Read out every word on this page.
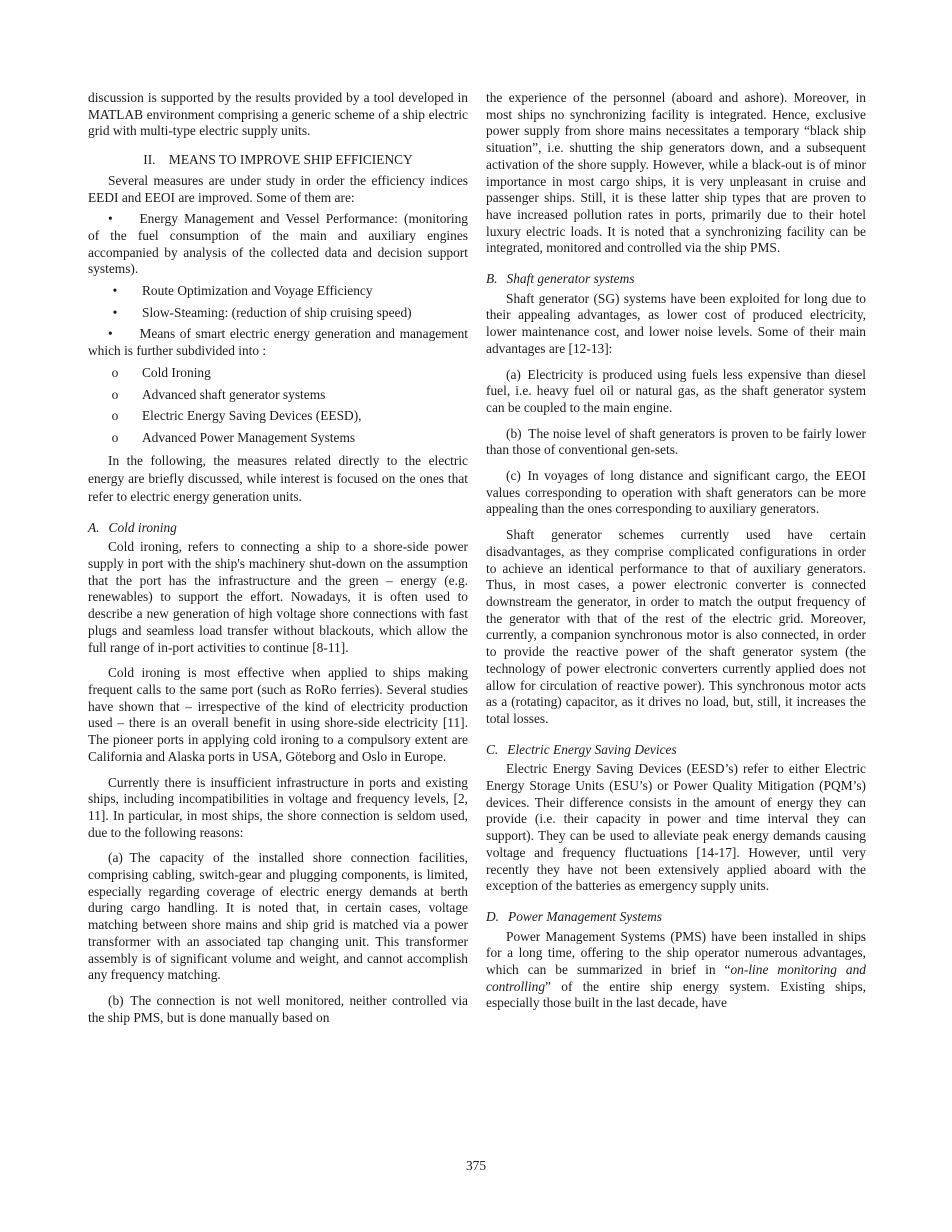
discussion is supported by the results provided by a tool developed in MATLAB environment comprising a generic scheme of a ship electric grid with multi-type electric supply units.

II. MEANS TO IMPROVE SHIP EFFICIENCY

Several measures are under study in order the efficiency indices EEDI and EEOI are improved. Some of them are:

•   Energy Management and Vessel Performance: (monitoring of the fuel consumption of the main and auxiliary engines accompanied by analysis of the collected data and decision support systems).

•	Route Optimization and Voyage Efficiency
•	Slow-Steaming: (reduction of ship cruising speed)

•   Means of smart electric energy generation and management which is further subdivided into :

o	Cold Ironing
o	Advanced shaft generator systems
o	Electric Energy Saving Devices (EESD),
o	Advanced Power Management Systems

In the following, the measures related directly to the electric energy are briefly discussed, while interest is focused on the ones that refer to electric energy generation units.

A. Cold ironing

Cold ironing, refers to connecting a ship to a shore-side power supply in port with the ship's machinery shut-down on the assumption that the port has the infrastructure and the green – energy (e.g. renewables) to support the effort. Nowadays, it is often used to describe a new generation of high voltage shore connections with fast plugs and seamless load transfer without blackouts, which allow the full range of in-port activities to continue [8-11].

Cold ironing is most effective when applied to ships making frequent calls to the same port (such as RoRo ferries). Several studies have shown that – irrespective of the kind of electricity production used – there is an overall benefit in using shore-side electricity [11]. The pioneer ports in applying cold ironing to a compulsory extent are California and Alaska ports in USA, Göteborg and Oslo in Europe.

Currently there is insufficient infrastructure in ports and existing ships, including incompatibilities in voltage and frequency levels, [2, 11]. In particular, in most ships, the shore connection is seldom used, due to the following reasons:

(a) The capacity of the installed shore connection facilities, comprising cabling, switch-gear and plugging components, is limited, especially regarding coverage of electric energy demands at berth during cargo handling. It is noted that, in certain cases, voltage matching between shore mains and ship grid is matched via a power transformer with an associated tap changing unit. This transformer assembly is of significant volume and weight, and cannot accomplish any frequency matching.

(b) The connection is not well monitored, neither controlled via the ship PMS, but is done manually based on

the experience of the personnel (aboard and ashore). Moreover, in most ships no synchronizing facility is integrated. Hence, exclusive power supply from shore mains necessitates a temporary “black ship situation”, i.e. shutting the ship generators down, and a subsequent activation of the shore supply. However, while a black-out is of minor importance in most cargo ships, it is very unpleasant in cruise and passenger ships. Still, it is these latter ship types that are proven to have increased pollution rates in ports, primarily due to their hotel luxury electric loads. It is noted that a synchronizing facility can be integrated, monitored and controlled via the ship PMS.

B. Shaft generator systems

Shaft generator (SG) systems have been exploited for long due to their appealing advantages, as lower cost of produced electricity, lower maintenance cost, and lower noise levels. Some of their main advantages are [12-13]:

(a) Electricity is produced using fuels less expensive than diesel fuel, i.e. heavy fuel oil or natural gas, as the shaft generator system can be coupled to the main engine.

(b) The noise level of shaft generators is proven to be fairly lower than those of conventional gen-sets.

(c) In voyages of long distance and significant cargo, the EEOI values corresponding to operation with shaft generators can be more appealing than the ones corresponding to auxiliary generators.

Shaft generator schemes currently used have certain disadvantages, as they comprise complicated configurations in order to achieve an identical performance to that of auxiliary generators. Thus, in most cases, a power electronic converter is connected downstream the generator, in order to match the output frequency of the generator with that of the rest of the electric grid. Moreover, currently, a companion synchronous motor is also connected, in order to provide the reactive power of the shaft generator system (the technology of power electronic converters currently applied does not allow for circulation of reactive power). This synchronous motor acts as a (rotating) capacitor, as it drives no load, but, still, it increases the total losses.

C. Electric Energy Saving Devices

Electric Energy Saving Devices (EESD’s) refer to either Electric Energy Storage Units (ESU’s) or Power Quality Mitigation (PQM’s) devices. Their difference consists in the amount of energy they can provide (i.e. their capacity in power and time interval they can support). They can be used to alleviate peak energy demands causing voltage and frequency fluctuations [14-17]. However, until very recently they have not been extensively applied aboard with the exception of the batteries as emergency supply units.

D. Power Management Systems

Power Management Systems (PMS) have been installed in ships for a long time, offering to the ship operator numerous advantages, which can be summarized in brief in “on-line monitoring and controlling” of the entire ship energy system. Existing ships, especially those built in the last decade, have

375
